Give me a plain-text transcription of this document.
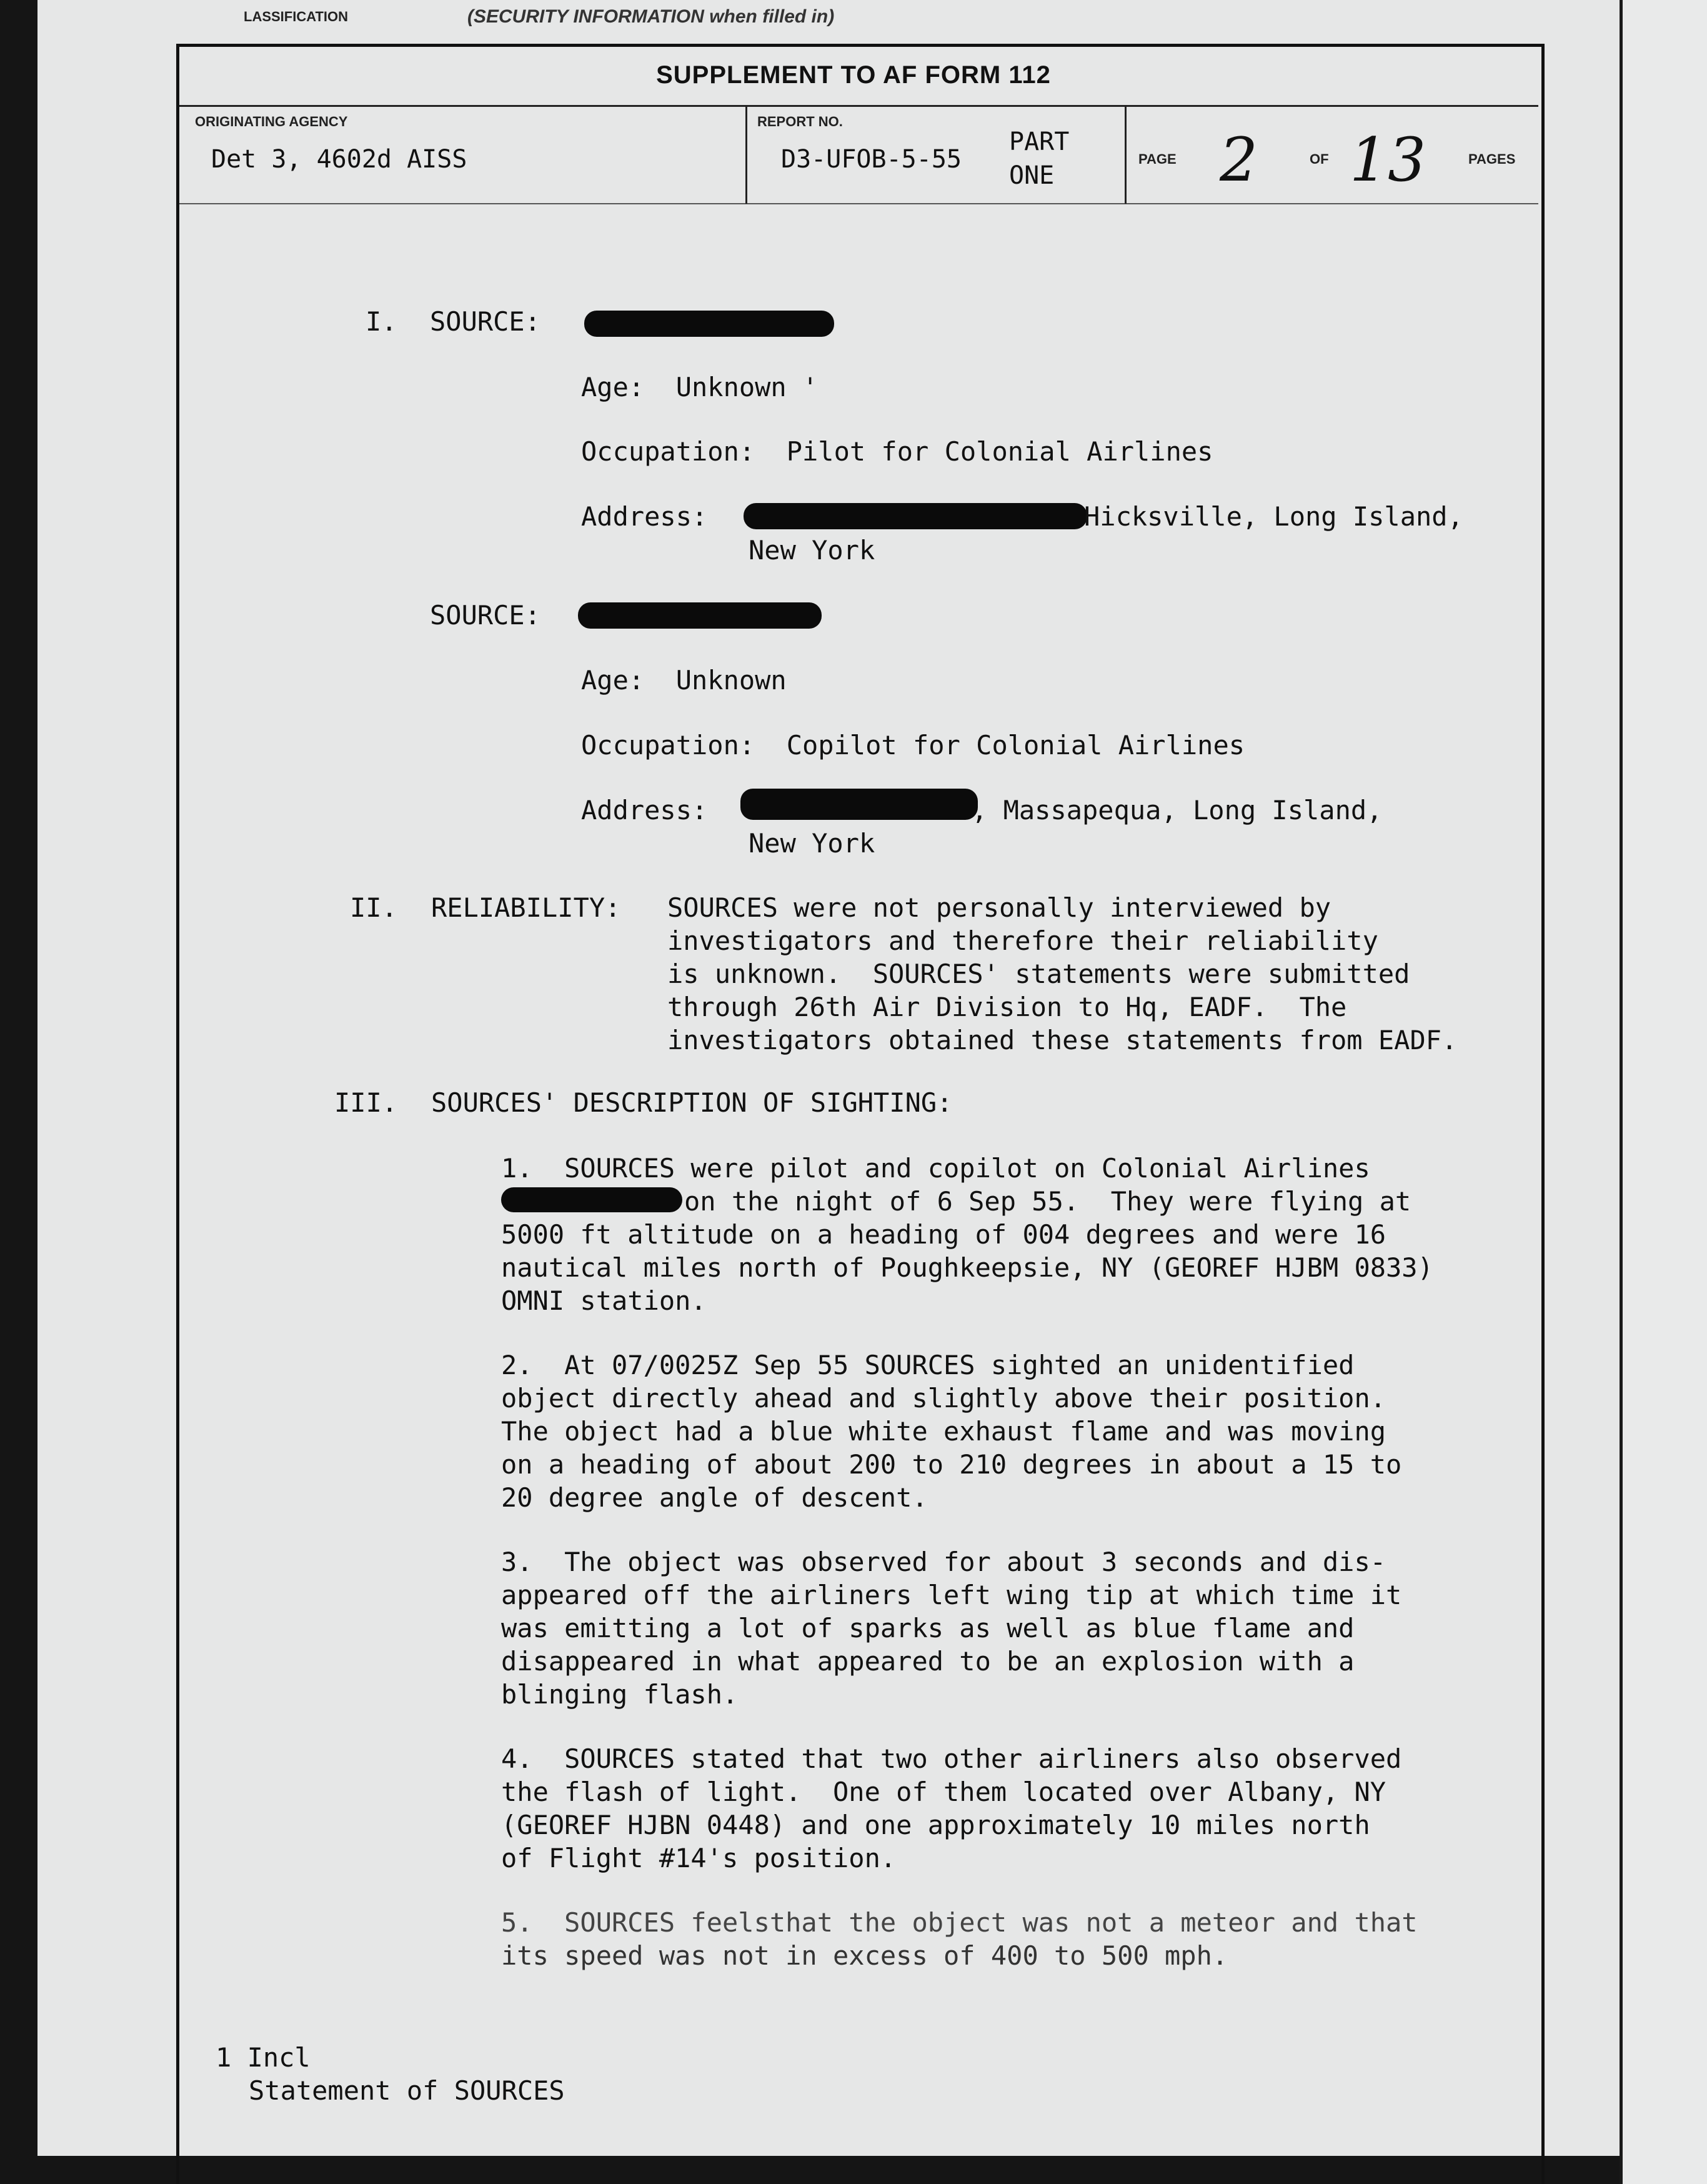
LASSIFICATION	(SECURITY INFORMATION when filled in)
SUPPLEMENT TO AF FORM 112
ORIGINATING AGENCY
Det 3, 4602d AISS
REPORT NO.
D3-UFOB-5-55
PART
ONE
PAGE 2	OF 13	PAGES
I. SOURCE:
Age:  Unknown '
Occupation:  Pilot for Colonial Airlines
Address:	Hicksville, Long Island,
New York
SOURCE:
Age:  Unknown
Occupation:  Copilot for Colonial Airlines
Address:	, Massapequa, Long Island,
New York
II. RELIABILITY: SOURCES were not personally interviewed by
investigators and therefore their reliability
is unknown.  SOURCES' statements were submitted
through 26th Air Division to Hq, EADF.  The
investigators obtained these statements from EADF.
III. SOURCES' DESCRIPTION OF SIGHTING:
1.  SOURCES were pilot and copilot on Colonial Airlines
on the night of 6 Sep 55.  They were flying at
5000 ft altitude on a heading of 004 degrees and were 16
nautical miles north of Poughkeepsie, NY (GEOREF HJBM 0833)
OMNI station.
2.  At 07/0025Z Sep 55 SOURCES sighted an unidentified
object directly ahead and slightly above their position.
The object had a blue white exhaust flame and was moving
on a heading of about 200 to 210 degrees in about a 15 to
20 degree angle of descent.
3.  The object was observed for about 3 seconds and dis-
appeared off the airliners left wing tip at which time it
was emitting a lot of sparks as well as blue flame and
disappeared in what appeared to be an explosion with a
blinging flash.
4.  SOURCES stated that two other airliners also observed
the flash of light.  One of them located over Albany, NY
(GEOREF HJBN 0448) and one approximately 10 miles north
of Flight #14's position.
5.  SOURCES feelsthat the object was not a meteor and that
its speed was not in excess of 400 to 500 mph.
1 Incl
Statement of SOURCES
